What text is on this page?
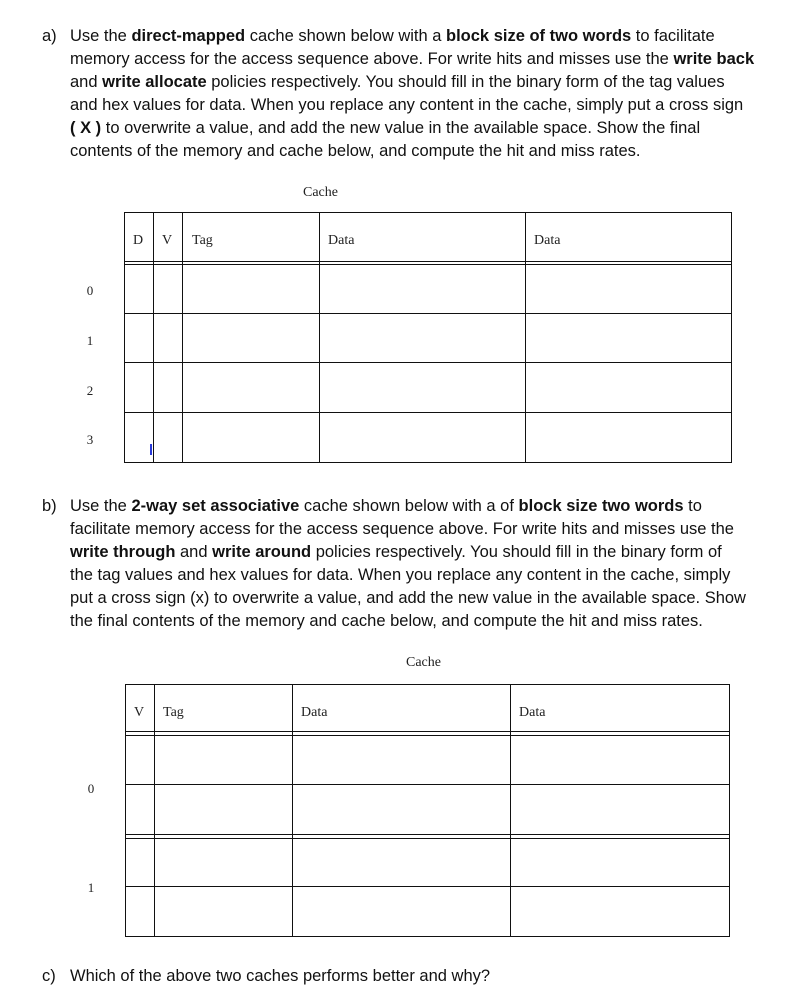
a) Use the direct-mapped cache shown below with a block size of two words to facilitate
memory access for the access sequence above. For write hits and misses use the write back
and write allocate policies respectively. You should fill in the binary form of the tag values
and hex values for data. When you replace any content in the cache, simply put a cross sign
( X ) to overwrite a value, and add the new value in the available space. Show the final
contents of the memory and cache below, and compute the hit and miss rates.
Cache
D V Tag	Data	Data
0
1
2
3
b) Use the 2-way set associative cache shown below with a of block size two words to
facilitate memory access for the access sequence above. For write hits and misses use the
write through and write around policies respectively. You should fill in the binary form of
the tag values and hex values for data. When you replace any content in the cache, simply
put a cross sign (x) to overwrite a value, and add the new value in the available space. Show
the final contents of the memory and cache below, and compute the hit and miss rates.
Cache
V Tag	Data	Data
0
1
c) Which of the above two caches performs better and why?
